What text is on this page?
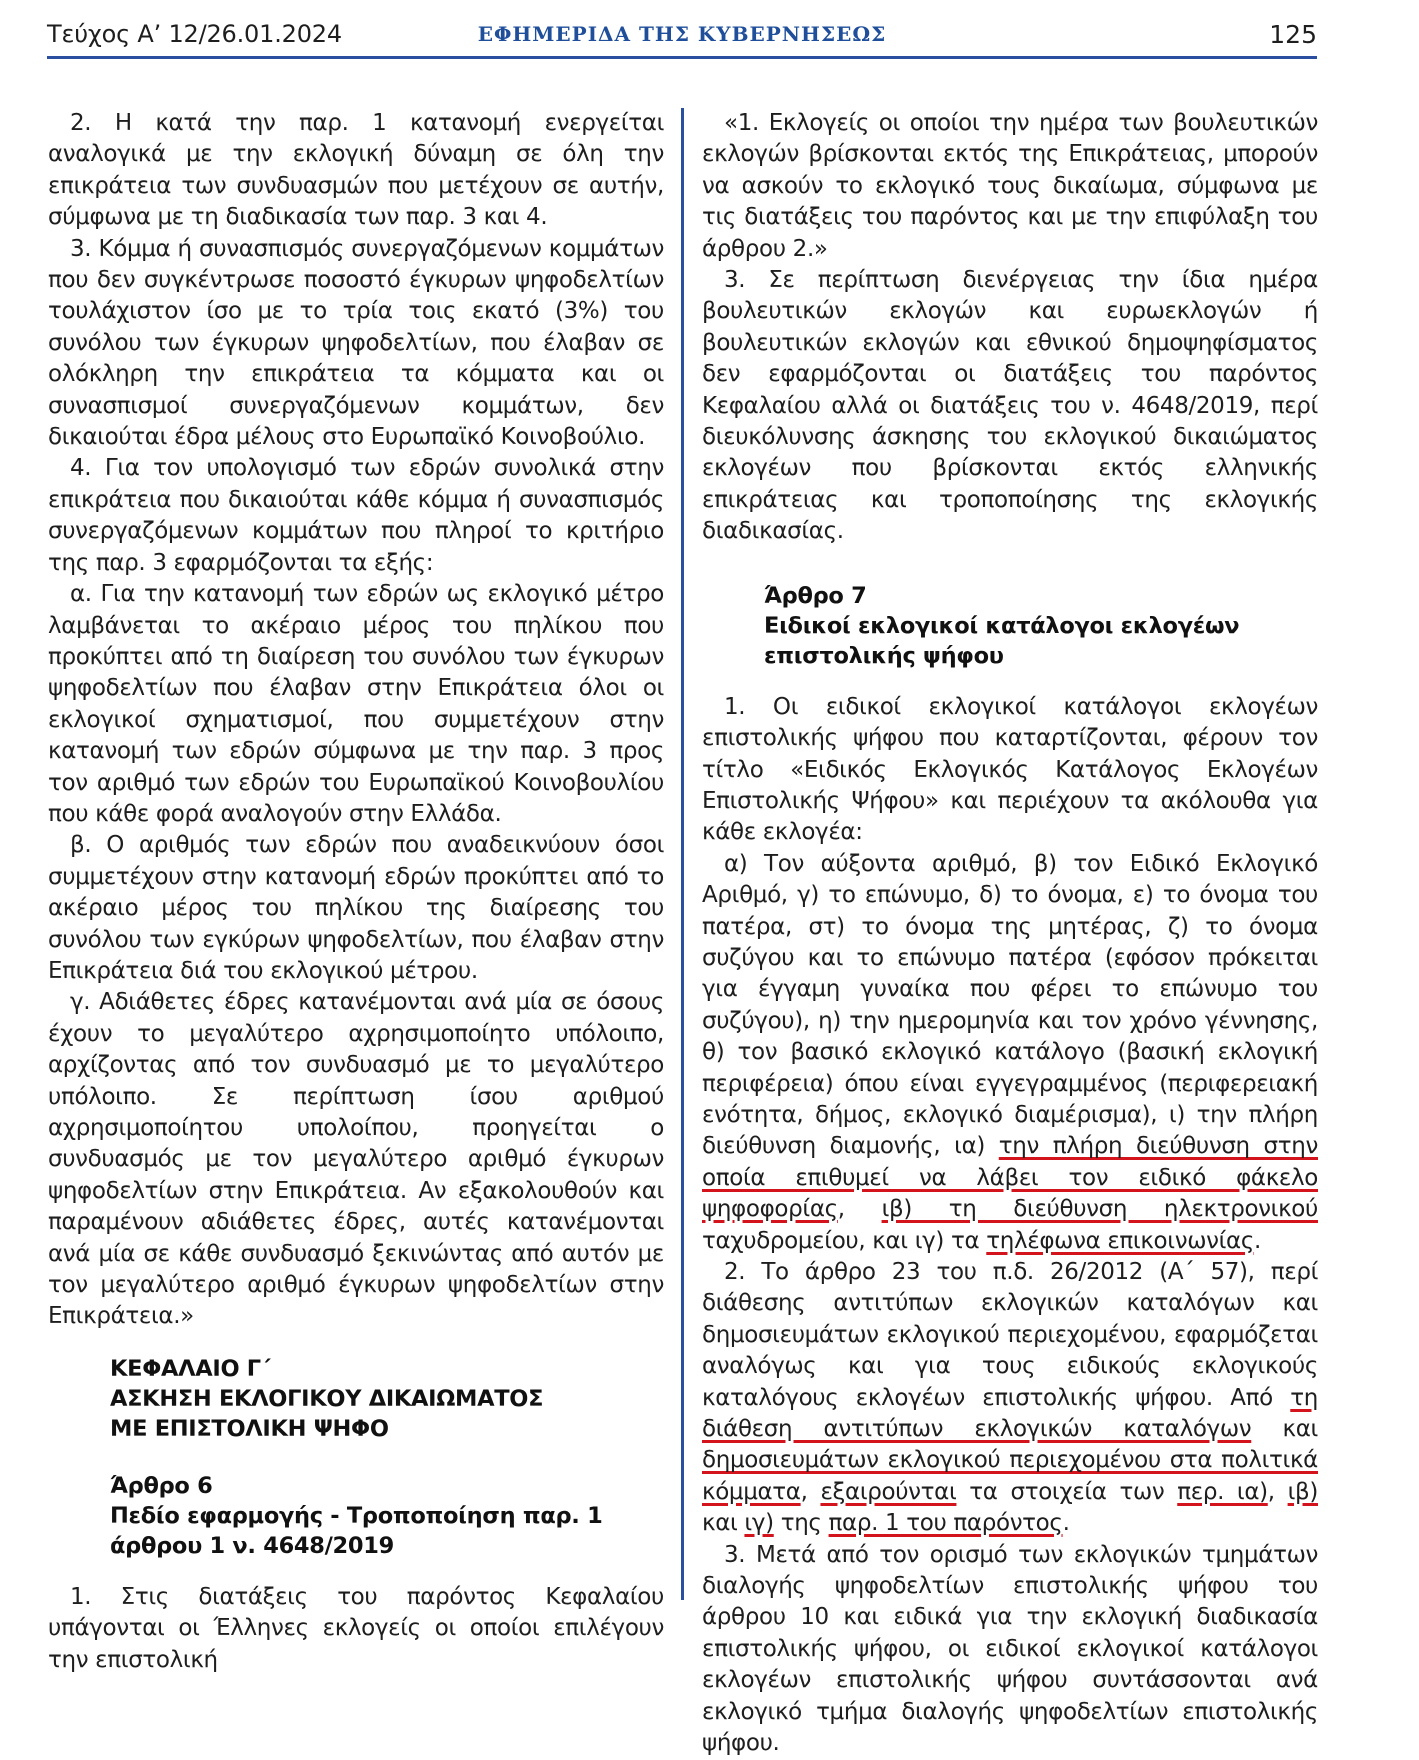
Τεύχος A’ 12/26.01.2024	ΕΦΗΜΕΡΙΔΑ ΤΗΣ ΚΥΒΕΡΝΗΣΕΩΣ	125

2. Η κατά την παρ. 1 κατανομή ενεργείται αναλογικά με την εκλογική δύναμη σε όλη την επικράτεια των συνδυασμών που μετέχουν σε αυτήν, σύμφωνα με τη διαδικασία των παρ. 3 και 4.

3. Κόμμα ή συνασπισμός συνεργαζόμενων κομμάτων που δεν συγκέντρωσε ποσοστό έγκυρων ψηφοδελτίων τουλάχιστον ίσο με το τρία τοις εκατό (3%) του συνόλου των έγκυρων ψηφοδελτίων, που έλαβαν σε ολόκληρη την επικράτεια τα κόμματα και οι συνασπισμοί συνεργαζόμενων κομμάτων, δεν δικαιούται έδρα μέλους στο Ευρωπαϊκό Κοινοβούλιο.

4. Για τον υπολογισμό των εδρών συνολικά στην επικράτεια που δικαιούται κάθε κόμμα ή συνασπισμός συνεργαζόμενων κομμάτων που πληροί το κριτήριο της παρ. 3 εφαρμόζονται τα εξής:

α. Για την κατανομή των εδρών ως εκλογικό μέτρο λαμβάνεται το ακέραιο μέρος του πηλίκου που προκύπτει από τη διαίρεση του συνόλου των έγκυρων ψηφοδελτίων που έλαβαν στην Επικράτεια όλοι οι εκλογικοί σχηματισμοί, που συμμετέχουν στην κατανομή των εδρών σύμφωνα με την παρ. 3 προς τον αριθμό των εδρών του Ευρωπαϊκού Κοινοβουλίου που κάθε φορά αναλογούν στην Ελλάδα.

β. Ο αριθμός των εδρών που αναδεικνύουν όσοι συμμετέχουν στην κατανομή εδρών προκύπτει από το ακέραιο μέρος του πηλίκου της διαίρεσης του συνόλου των εγκύρων ψηφοδελτίων, που έλαβαν στην Επικράτεια διά του εκλογικού μέτρου.

γ. Αδιάθετες έδρες κατανέμονται ανά μία σε όσους έχουν το μεγαλύτερο αχρησιμοποίητο υπόλοιπο, αρχίζοντας από τον συνδυασμό με το μεγαλύτερο υπόλοιπο. Σε περίπτωση ίσου αριθμού αχρησιμοποίητου υπολοίπου, προηγείται ο συνδυασμός με τον μεγαλύτερο αριθμό έγκυρων ψηφοδελτίων στην Επικράτεια. Αν εξακολουθούν και παραμένουν αδιάθετες έδρες, αυτές κατανέμονται ανά μία σε κάθε συνδυασμό ξεκινώντας από αυτόν με τον μεγαλύτερο αριθμό έγκυρων ψηφοδελτίων στην Επικράτεια.»

ΚΕΦΑΛΑΙΟ Γ΄
ΑΣΚΗΣΗ ΕΚΛΟΓΙΚΟΥ ΔΙΚΑΙΩΜΑΤΟΣ
ΜΕ ΕΠΙΣΤΟΛΙΚΗ ΨΗΦΟ
Άρθρο 6
Πεδίο εφαρμογής - Τροποποίηση παρ. 1
άρθρου 1 ν. 4648/2019

1. Στις διατάξεις του παρόντος Κεφαλαίου υπάγονται οι Έλληνες εκλογείς οι οποίοι επιλέγουν την επιστολική

«1. Εκλογείς οι οποίοι την ημέρα των βουλευτικών εκλογών βρίσκονται εκτός της Επικράτειας, μπορούν να ασκούν το εκλογικό τους δικαίωμα, σύμφωνα με τις διατάξεις του παρόντος και με την επιφύλαξη του άρθρου 2.»

3. Σε περίπτωση διενέργειας την ίδια ημέρα βουλευτικών εκλογών και ευρωεκλογών ή βουλευτικών εκλογών και εθνικού δημοψηφίσματος δεν εφαρμόζονται οι διατάξεις του παρόντος Κεφαλαίου αλλά οι διατάξεις του ν. 4648/2019, περί διευκόλυνσης άσκησης του εκλογικού δικαιώματος εκλογέων που βρίσκονται εκτός ελληνικής επικράτειας και τροποποίησης της εκλογικής διαδικασίας.

Άρθρο 7
Ειδικοί εκλογικοί κατάλογοι εκλογέων
επιστολικής ψήφου

1. Οι ειδικοί εκλογικοί κατάλογοι εκλογέων επιστολικής ψήφου που καταρτίζονται, φέρουν τον τίτλο «Ειδικός Εκλογικός Κατάλογος Εκλογέων Επιστολικής Ψήφου» και περιέχουν τα ακόλουθα για κάθε εκλογέα:

α) Τον αύξοντα αριθμό, β) τον Ειδικό Εκλογικό Αριθμό, γ) το επώνυμο, δ) το όνομα, ε) το όνομα του πατέρα, στ) το όνομα της μητέρας, ζ) το όνομα συζύγου και το επώνυμο πατέρα (εφόσον πρόκειται για έγγαμη γυναίκα που φέρει το επώνυμο του συζύγου), η) την ημερομηνία και τον χρόνο γέννησης, θ) τον βασικό εκλογικό κατάλογο (βασική εκλογική περιφέρεια) όπου είναι εγγεγραμμένος (περιφερειακή ενότητα, δήμος, εκλογικό διαμέρισμα), ι) την πλήρη διεύθυνση διαμονής, ια) την πλήρη διεύθυνση στην οποία επιθυμεί να λάβει τον ειδικό φάκελο ψηφοφορίας, ιβ) τη διεύθυνση ηλεκτρονικού ταχυδρομείου, και ιγ) τα τηλέφωνα επικοινωνίας.

2. Το άρθρο 23 του π.δ. 26/2012 (Α΄ 57), περί διάθεσης αντιτύπων εκλογικών καταλόγων και δημοσιευμάτων εκλογικού περιεχομένου, εφαρμόζεται αναλόγως και για τους ειδικούς εκλογικούς καταλόγους εκλογέων επιστολικής ψήφου. Από τη διάθεση αντιτύπων εκλογικών καταλόγων και δημοσιευμάτων εκλογικού περιεχομένου στα πολιτικά κόμματα, εξαιρούνται τα στοιχεία των περ. ια), ιβ) και ιγ) της παρ. 1 του παρόντος.

3. Μετά από τον ορισμό των εκλογικών τμημάτων διαλογής ψηφοδελτίων επιστολικής ψήφου του άρθρου 10 και ειδικά για την εκλογική διαδικασία επιστολικής ψήφου, οι ειδικοί εκλογικοί κατάλογοι εκλογέων επιστολικής ψήφου συντάσσονται ανά εκλογικό τμήμα διαλογής ψηφοδελτίων επιστολικής ψήφου.
